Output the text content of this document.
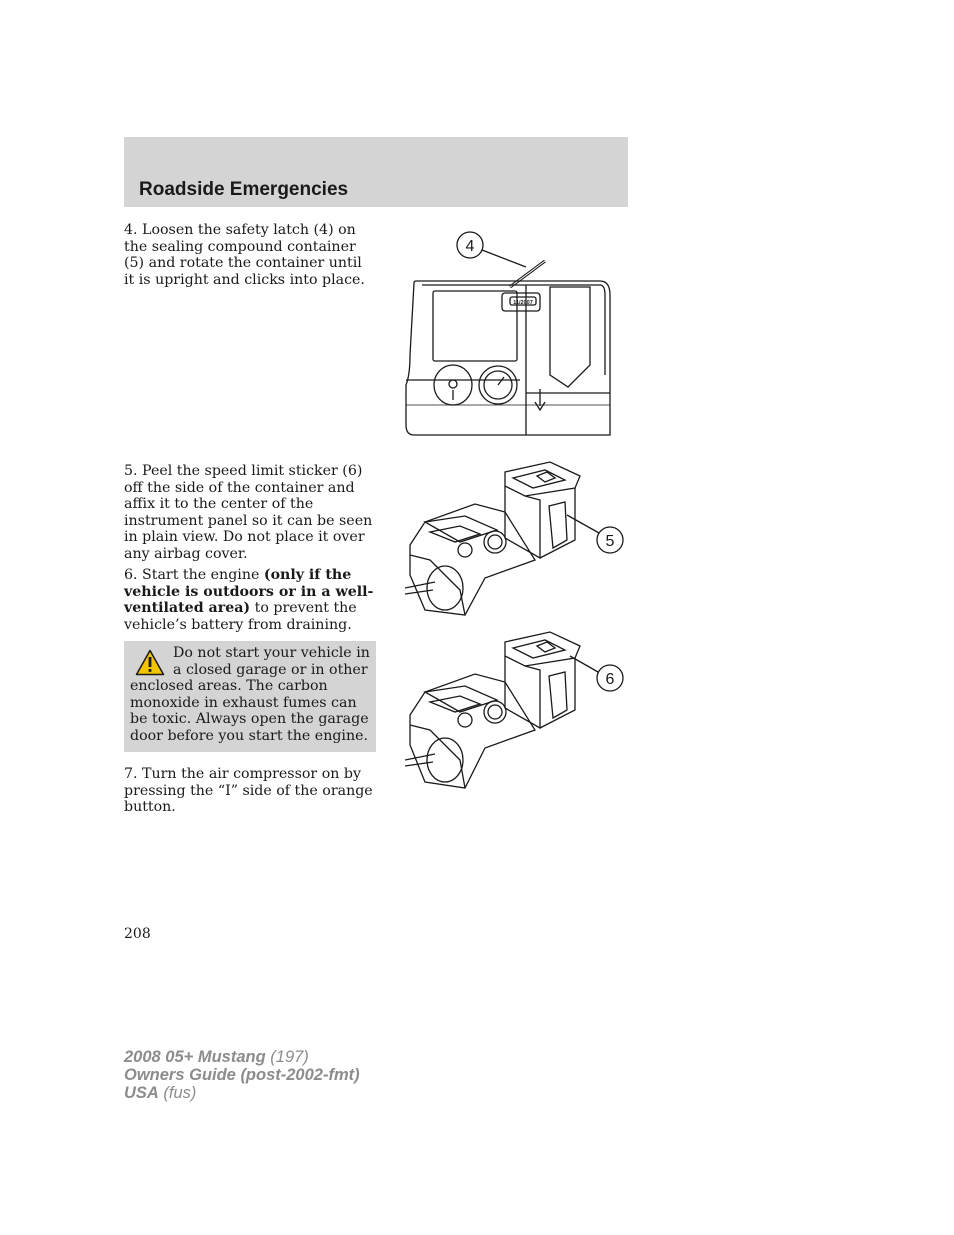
Roadside Emergencies

4. Loosen the safety latch (4) on the sealing compound container (5) and rotate the container until it is upright and clicks into place.

4
11/2007

5. Peel the speed limit sticker (6) off the side of the container and affix it to the center of the instrument panel so it can be seen in plain view. Do not place it over any airbag cover.

6. Start the engine (only if the vehicle is outdoors or in a well-ventilated area) to prevent the vehicle’s battery from draining.

5

Do not start your vehicle in a closed garage or in other enclosed areas. The carbon monoxide in exhaust fumes can be toxic. Always open the garage door before you start the engine.

6

7. Turn the air compressor on by pressing the “I” side of the orange button.

208

2008 05+ Mustang (197)
Owners Guide (post-2002-fmt)
USA (fus)
